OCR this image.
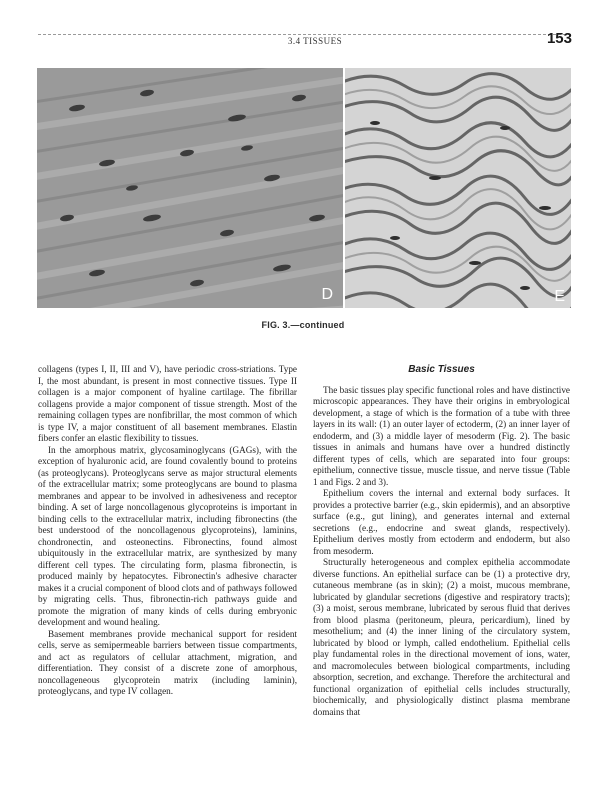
3.4 TISSUES	153
D	E
FIG. 3.—continued

collagens (types I, II, III and V), have periodic cross-striations. Type I, the most abundant, is present in most connective tissues. Type II collagen is a major component of hyaline cartilage. The fibrillar collagens provide a major component of tissue strength. Most of the remaining collagen types are nonfibrillar, the most common of which is type IV, a major constituent of all basement membranes. Elastin fibers confer an elastic flexibility to tissues.

In the amorphous matrix, glycosaminoglycans (GAGs), with the exception of hyaluronic acid, are found covalently bound to proteins (as proteoglycans). Proteoglycans serve as major structural elements of the extracellular matrix; some proteoglycans are bound to plasma membranes and appear to be involved in adhesiveness and receptor binding. A set of large noncollagenous glycoproteins is important in binding cells to the extracellular matrix, including fibronectins (the best understood of the noncollagenous glycoproteins), laminins, chondronectin, and osteonectins. Fibronectins, found almost ubiquitously in the extracellular matrix, are synthesized by many different cell types. The circulating form, plasma fibronectin, is produced mainly by hepatocytes. Fibronectin's adhesive character makes it a crucial component of blood clots and of pathways followed by migrating cells. Thus, fibronectin-rich pathways guide and promote the migration of many kinds of cells during embryonic development and wound healing.

Basement membranes provide mechanical support for resident cells, serve as semipermeable barriers between tissue compartments, and act as regulators of cellular attachment, migration, and differentiation. They consist of a discrete zone of amorphous, noncollageneous glycoprotein matrix (including laminin), proteoglycans, and type IV collagen.

Basic Tissues

The basic tissues play specific functional roles and have distinctive microscopic appearances. They have their origins in embryological development, a stage of which is the formation of a tube with three layers in its wall: (1) an outer layer of ectoderm, (2) an inner layer of endoderm, and (3) a middle layer of mesoderm (Fig. 2). The basic tissues in animals and humans have over a hundred distinctly different types of cells, which are separated into four groups: epithelium, connective tissue, muscle tissue, and nerve tissue (Table 1 and Figs. 2 and 3).

Epithelium covers the internal and external body surfaces. It provides a protective barrier (e.g., skin epidermis), and an absorptive surface (e.g., gut lining), and generates internal and external secretions (e.g., endocrine and sweat glands, respectively). Epithelium derives mostly from ectoderm and endoderm, but also from mesoderm.

Structurally heterogeneous and complex epithelia accommodate diverse functions. An epithelial surface can be (1) a protective dry, cutaneous membrane (as in skin); (2) a moist, mucous membrane, lubricated by glandular secretions (digestive and respiratory tracts); (3) a moist, serous membrane, lubricated by serous fluid that derives from blood plasma (peritoneum, pleura, pericardium), lined by mesothelium; and (4) the inner lining of the circulatory system, lubricated by blood or lymph, called endothelium. Epithelial cells play fundamental roles in the directional movement of ions, water, and macromolecules between biological compartments, including absorption, secretion, and exchange. Therefore the architectural and functional organization of epithelial cells includes structurally, biochemically, and physiologically distinct plasma membrane domains that
